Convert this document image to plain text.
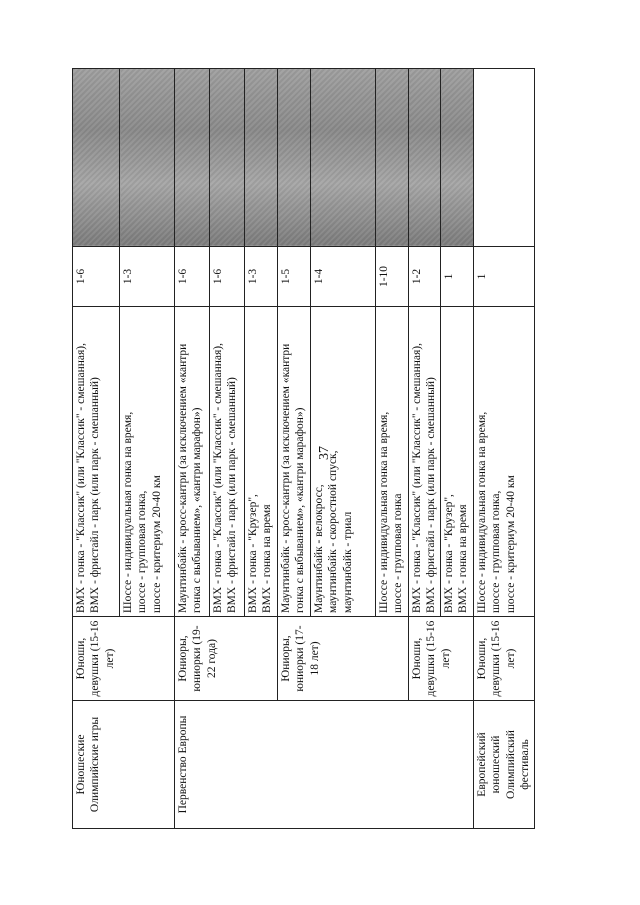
37
Юношеские Олимпийские игры	Юноши, девушки (15-16 лет)	ВМХ - гонка - "Классик" (или "Классик" - смешанная), ВМХ - фристайл - парк (или парк - смешанный)	1-6	

		Шоссе - индивидуальная гонка на время, шоссе - групповая гонка, шоссе - критериум 20-40 км	1-3	
Первенство Европы	Юниоры, юниорки (19-22 года)	Маунтинбайк - кросс-кантри (за исключением «кантри гонка с выбыванием», «кантри марафон»)	1-6	

		ВМХ - гонка - "Классик" (или "Классик" - смешанная), ВМХ - фристайл - парк (или парк - смешанный)	1-6	

		ВМХ - гонка - "Крузер", ВМХ - гонка на время	1-3	
	Юниоры, юниорки (17-18 лет)	Маунтинбайк - кросс-кантри (за исключением «кантри гонка с выбыванием», «кантри марафон»)	1-5	

		Маунтинбайк - велокросс, маунтинбайк - скоростной спуск, маунтинбайк - триал	1-4	

		Шоссе - индивидуальная гонка на время, шоссе - групповая гонка	1-10	
	Юноши, девушки (15-16 лет)	ВМХ - гонка - "Классик" (или "Классик" - смешанная), ВМХ - фристайл - парк (или парк - смешанный)	1-2	

		ВМХ - гонка - "Крузер", ВМХ - гонка на время	1	
Европейский юношеский Олимпийский фестиваль	Юноши, девушки (15-16 лет)	Шоссе - индивидуальная гонка на время, шоссе - групповая гонка, шоссе - критериум 20-40 км	1	
